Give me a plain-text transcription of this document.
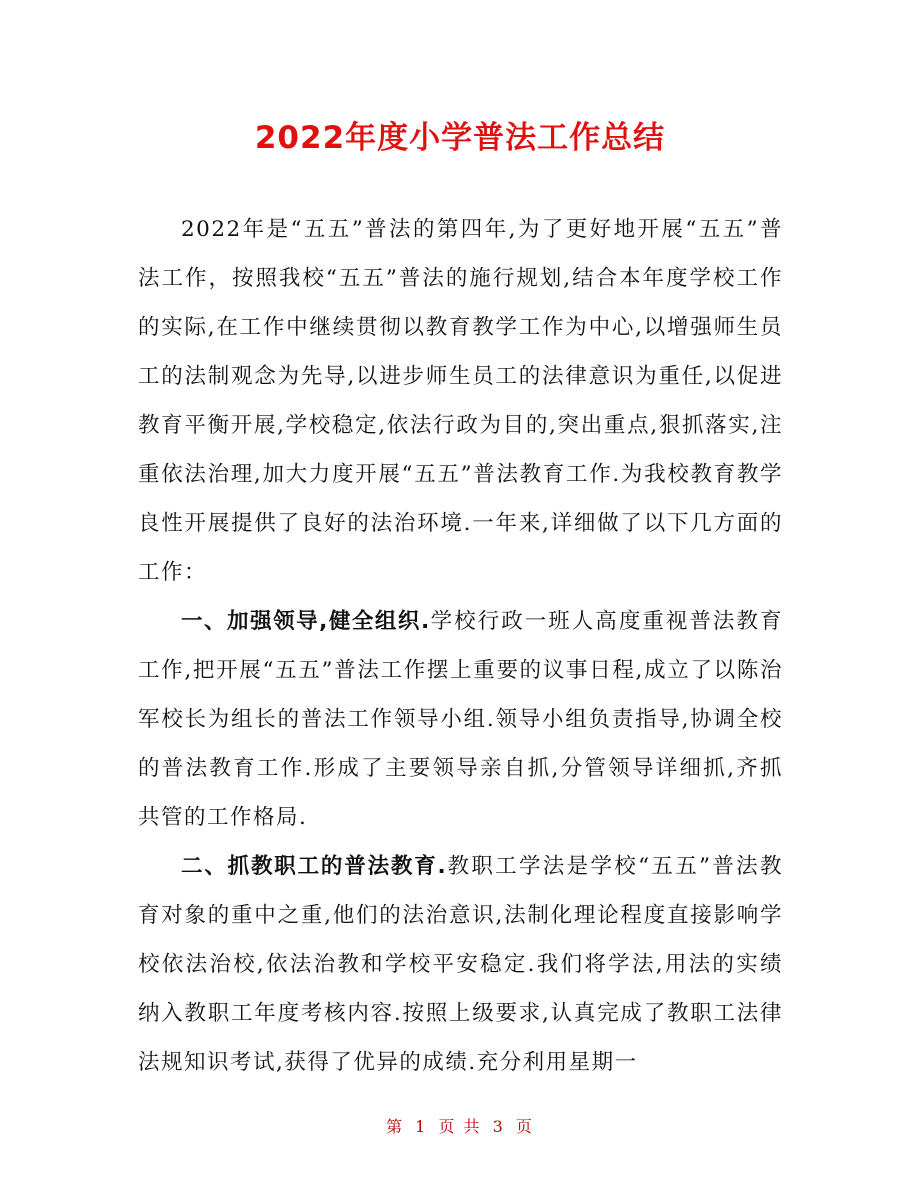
2022年度小学普法工作总结

2022年是“五五”普法的第四年,为了更好地开展“五五”普法工作，按照我校“五五”普法的施行规划,结合本年度学校工作的实际,在工作中继续贯彻以教育教学工作为中心,以增强师生员工的法制观念为先导,以进步师生员工的法律意识为重任,以促进教育平衡开展,学校稳定,依法行政为目的,突出重点,狠抓落实,注重依法治理,加大力度开展“五五”普法教育工作.为我校教育教学良性开展提供了良好的法治环境.一年来,详细做了以下几方面的工作：

一、加强领导,健全组织.学校行政一班人高度重视普法教育工作,把开展“五五”普法工作摆上重要的议事日程,成立了以陈治军校长为组长的普法工作领导小组.领导小组负责指导,协调全校的普法教育工作.形成了主要领导亲自抓,分管领导详细抓,齐抓共管的工作格局.

二、抓教职工的普法教育.教职工学法是学校“五五”普法教育对象的重中之重,他们的法治意识,法制化理论程度直接影响学校依法治校,依法治教和学校平安稳定.我们将学法,用法的实绩纳入教职工年度考核内容.按照上级要求,认真完成了教职工法律法规知识考试,获得了优异的成绩.充分利用星期一

第 1 页 共 3 页
